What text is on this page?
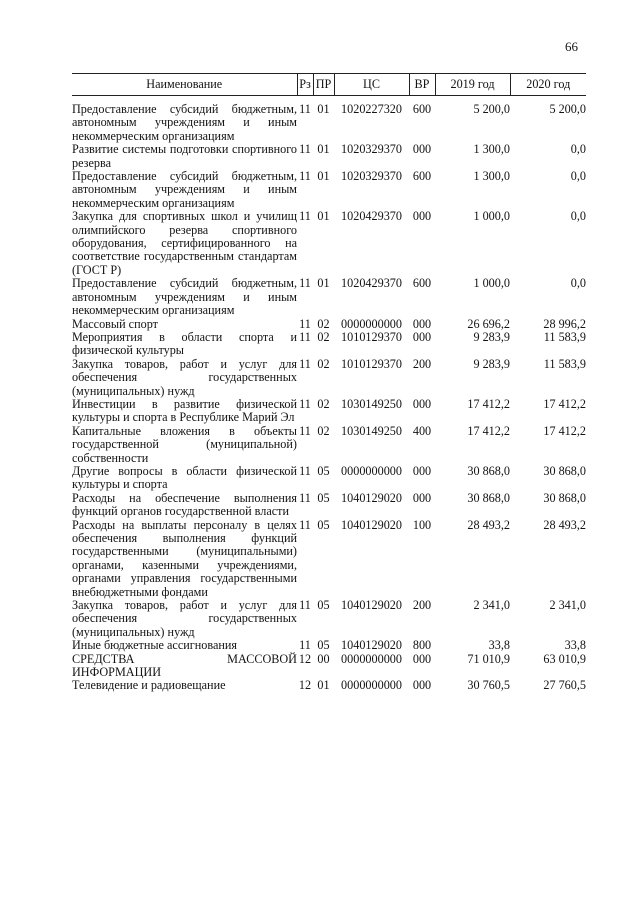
66
Наименование	Рз	ПР	ЦС	ВР	2019 год	2020 год

Предоставление субсидий бюджетным, автономным учреждениям и иным некоммерческим организациям	11	01	1020227320	600	5 200,0	5 200,0
Развитие системы подготовки спортивного резерва	11	01	1020329370	000	1 300,0	0,0
Предоставление субсидий бюджетным, автономным учреждениям и иным некоммерческим организациям	11	01	1020329370	600	1 300,0	0,0
Закупка для спортивных школ и училищ олимпийского резерва спортивного оборудования, сертифицированного на соответствие государственным стандартам (ГОСТ Р)	11	01	1020429370	000	1 000,0	0,0
Предоставление субсидий бюджетным, автономным учреждениям и иным некоммерческим организациям	11	01	1020429370	600	1 000,0	0,0
Массовый спорт	11	02	0000000000	000	26 696,2	28 996,2
Мероприятия в области спорта и физической культуры	11	02	1010129370	000	9 283,9	11 583,9
Закупка товаров, работ и услуг для обеспечения государственных (муниципальных) нужд	11	02	1010129370	200	9 283,9	11 583,9
Инвестиции в развитие физической культуры и спорта в Республике Марий Эл	11	02	1030149250	000	17 412,2	17 412,2
Капитальные вложения в объекты государственной (муниципальной) собственности	11	02	1030149250	400	17 412,2	17 412,2
Другие вопросы в области физической культуры и спорта	11	05	0000000000	000	30 868,0	30 868,0
Расходы на обеспечение выполнения функций органов государственной власти	11	05	1040129020	000	30 868,0	30 868,0
Расходы на выплаты персоналу в целях обеспечения выполнения функций государственными (муниципальными) органами, казенными учреждениями, органами управления государственными внебюджетными фондами	11	05	1040129020	100	28 493,2	28 493,2
Закупка товаров, работ и услуг для обеспечения государственных (муниципальных) нужд	11	05	1040129020	200	2 341,0	2 341,0
Иные бюджетные ассигнования	11	05	1040129020	800	33,8	33,8
СРЕДСТВА МАССОВОЙ ИНФОРМАЦИИ	12	00	0000000000	000	71 010,9	63 010,9
Телевидение и радиовещание	12	01	0000000000	000	30 760,5	27 760,5
